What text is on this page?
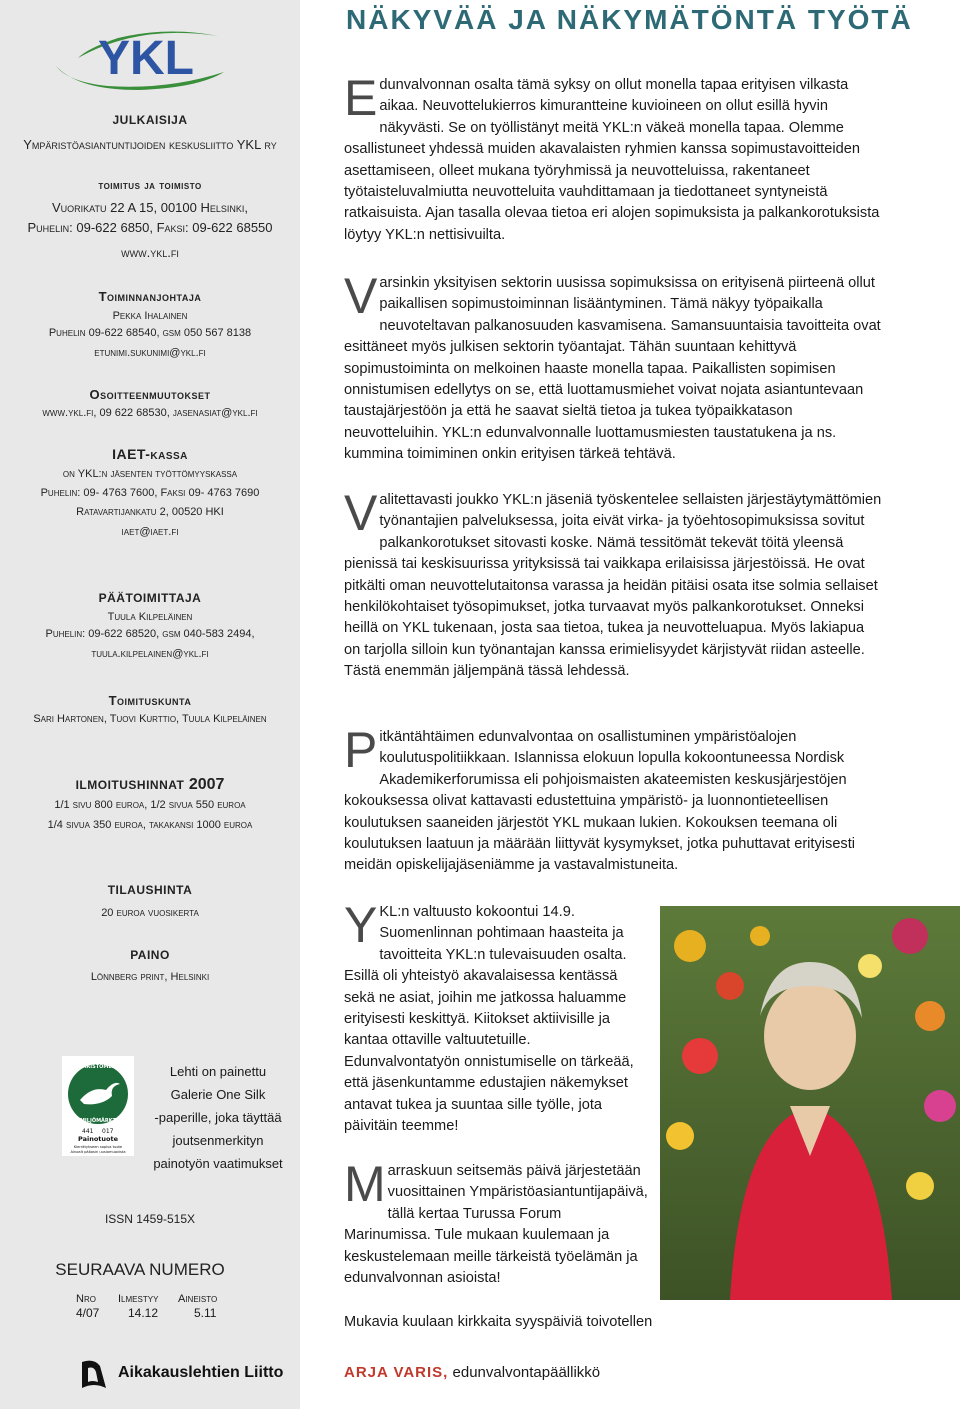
YKL
JULKAISIJA
Ympäristöasiantuntijoiden keskusliitto YKL ry
toimitus ja toimisto
Vuorikatu 22 A 15, 00100 Helsinki,
Puhelin: 09-622 6850, Faksi: 09-622 68550
www.ykl.fi
Toiminnanjohtaja
Pekka Ihalainen
Puhelin 09-622 68540, gsm 050 567 8138
etunimi.sukunimi@ykl.fi
Osoitteenmuutokset
www.ykl.fi, 09 622 68530, jasenasiat@ykl.fi
IAET-kassa
on YKL:n jäsenten työttömyyskassa
Puhelin: 09- 4763 7600, Faksi 09- 4763 7690
Ratavartijankatu 2, 00520 HKI
iaet@iaet.fi
PÄÄTOIMITTAJA
Tuula Kilpeläinen
Puhelin: 09-622 68520, gsm 040-583 2494,
tuula.kilpelainen@ykl.fi
Toimituskunta
Sari Hartonen, Tuovi Kurttio, Tuula Kilpeläinen
ILMOITUSHINNAT 2007
1/1 sivu 800 euroa, 1/2 sivua 550 euroa
1/4 sivua 350 euroa, takakansi 1000 euroa
TILAUSHINTA
20 euroa vuosikerta
PAINO
Lönnberg print, Helsinki
YMPÄRISTÖMERKKI
MILJÖMÄRKT
441 017
Painotuote
Kierrätykseen sopiva tuote
Ainoalt pääosin uusiomuovista
Lehti on painettu
Galerie One Silk
-paperille, joka täyttää
joutsenmerkityn
painotyön vaatimukset
ISSN 1459-515X
SEURAAVA NUMERO
Nro Ilmestyy Aineisto
4/07 14.12	5.11
Aikakauslehtien Liitto
NÄKYVÄÄ JA NÄKYMÄTÖNTÄ TYÖTÄ
Edunvalvonnan osalta tämä syksy on ollut monella tapaa erityisen vilkasta aikaa. Neuvottelukierros kimurantteine kuvioineen on ollut esillä hyvin näkyvästi. Se on työllistänyt meitä YKL:n väkeä monella tapaa. Olemme osallistuneet yhdessä muiden akavalaisten ryhmien kanssa sopimustavoitteiden asettamiseen, olleet mukana työryhmissä ja neuvotteluissa, rakentaneet työtaisteluvalmiutta neuvotteluita vauhdittamaan ja tiedottaneet syntyneistä ratkaisuista. Ajan tasalla olevaa tietoa eri alojen sopimuksista ja palkankorotuksista löytyy YKL:n nettisivuilta.
Varsinkin yksityisen sektorin uusissa sopimuksissa on erityisenä piirteenä ollut paikallisen sopimustoiminnan lisääntyminen. Tämä näkyy työpaikalla neuvoteltavan palkanosuuden kasvamisena. Samansuuntaisia tavoitteita ovat esittäneet myös julkisen sektorin työantajat. Tähän suuntaan kehittyvä sopimustoiminta on melkoinen haaste monella tapaa. Paikallisten sopimisen onnistumisen edellytys on se, että luottamusmiehet voivat nojata asiantuntevaan taustajärjestöön ja että he saavat sieltä tietoa ja tukea työpaikkatason neuvotteluihin. YKL:n edunvalvonnalle luottamusmiesten taustatukena ja ns. kummina toimiminen onkin erityisen tärkeä tehtävä.
Valitettavasti joukko YKL:n jäseniä työskentelee sellaisten järjestäytymättömien työnantajien palveluksessa, joita eivät virka- ja työehtosopimuksissa sovitut palkankorotukset sitovasti koske. Nämä tessitömät tekevät töitä yleensä pienissä tai keskisuurissa yrityksissä tai vaikkapa erilaisissa järjestöissä. He ovat pitkälti oman neuvottelutaitonsa varassa ja heidän pitäisi osata itse solmia sellaiset henkilökohtaiset työsopimukset, jotka turvaavat myös palkankorotukset. Onneksi heillä on YKL tukenaan, josta saa tietoa, tukea ja neuvotteluapua. Myös lakiapua on tarjolla silloin kun työnantajan kanssa erimielisyydet kärjistyvät riidan asteelle. Tästä enemmän jäljempänä tässä lehdessä.
Pitkäntähtäimen edunvalvontaa on osallistuminen ympäristöalojen koulutuspolitiikkaan. Islannissa elokuun lopulla kokoontuneessa Nordisk Akademikerforumissa eli pohjoismaisten akateemisten keskusjärjestöjen kokouksessa olivat kattavasti edustettuina ympäristö- ja luonnontieteellisen koulutuksen saaneiden järjestöt YKL mukaan lukien. Kokouksen teemana oli koulutuksen laatuun ja määrään liittyvät kysymykset, jotka puhuttavat erityisesti meidän opiskelijajäseniämme ja vastavalmistuneita.
YKL:n valtuusto kokoontui 14.9. Suomenlinnan pohtimaan haasteita ja tavoitteita YKL:n tulevaisuuden osalta. Esillä oli yhteistyö akavalaisessa kentässä sekä ne asiat, joihin me jatkossa haluamme erityisesti keskittyä. Kiitokset aktiivisille ja kantaa ottaville valtuutetuille. Edunvalvontatyön onnistumiselle on tärkeää, että jäsenkuntamme edustajien näkemykset antavat tukea ja suuntaa sille työlle, jota päivitäin teemme!
Marraskuun seitsemäs päivä järjestetään vuosittainen Ympäristöasiantuntijapäivä, tällä kertaa Turussa Forum Marinumissa. Tule mukaan kuulemaan ja keskustelemaan meille tärkeistä työelämän ja edunvalvonnan asioista!
Mukavia kuulaan kirkkaita syyspäiviä toivotellen
ARJA VARIS, edunvalvontapäällikkö
